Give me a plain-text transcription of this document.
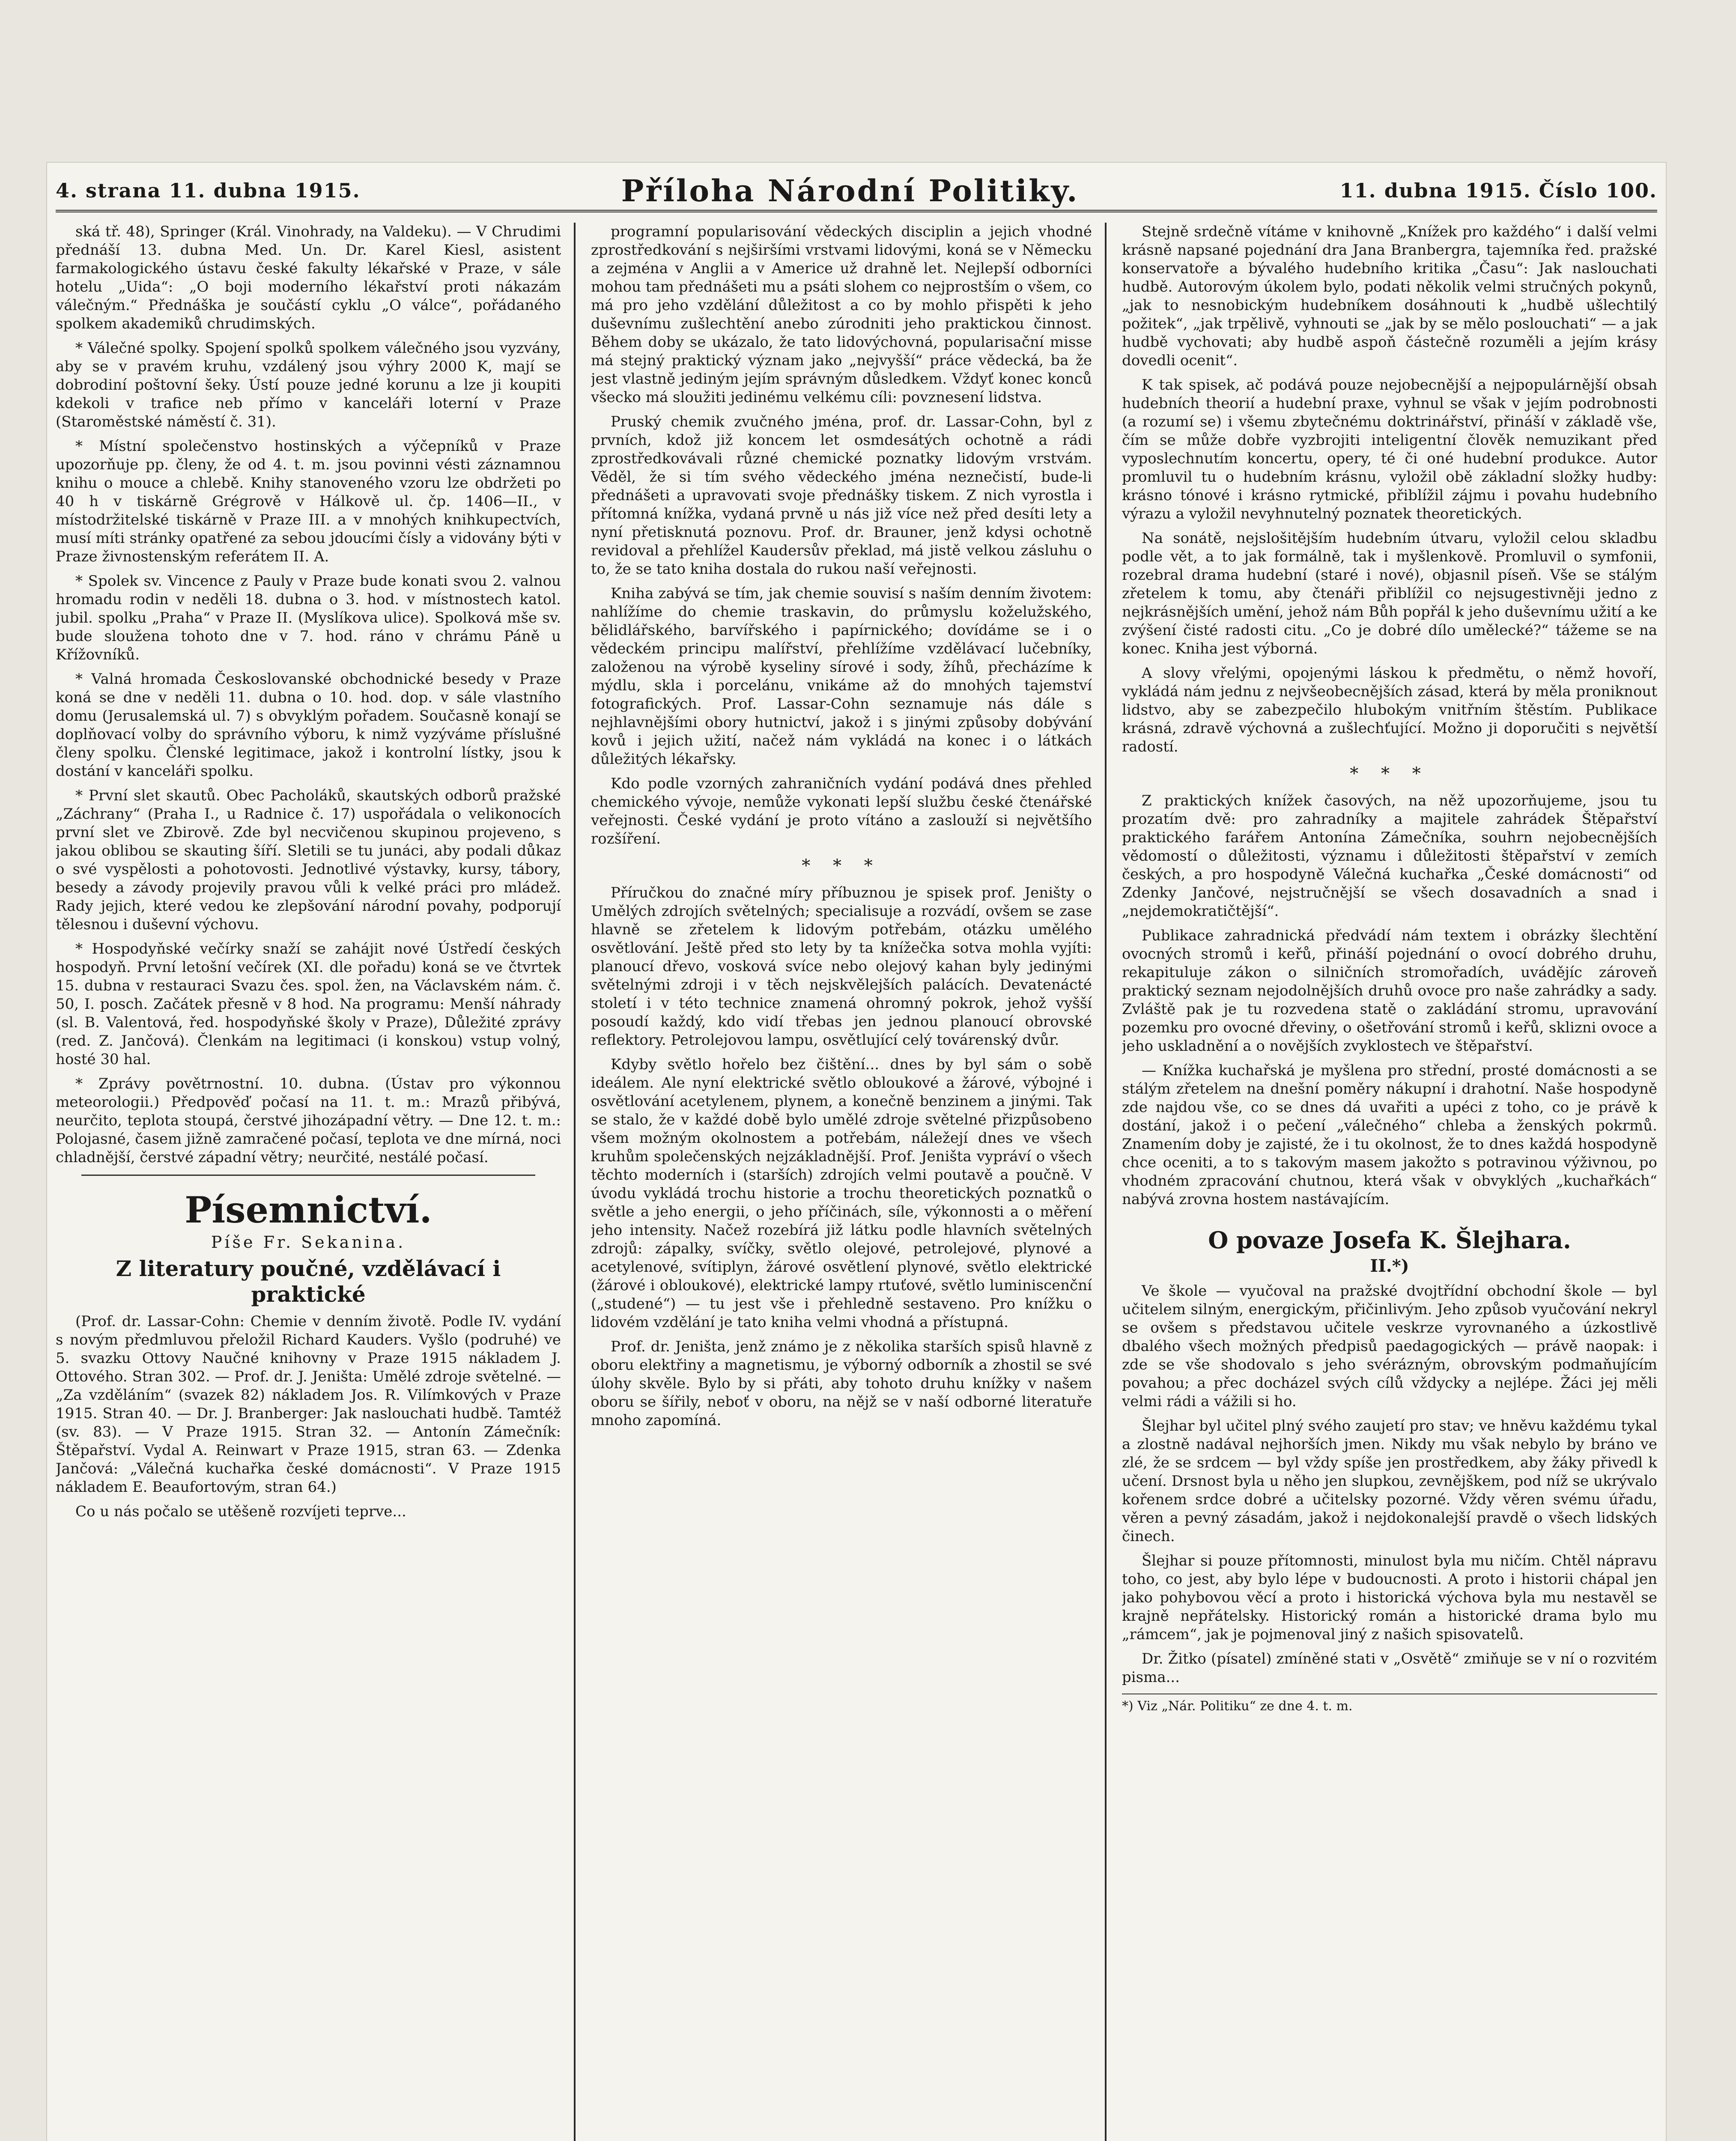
4. strana 11. dubna 1915.	Příloha Národní Politiky.	11. dubna 1915. Číslo 100.

ská tř. 48), Springer (Král. Vinohrady, na Valdeku). — V Chrudimi přednáší 13. dubna Med. Un. Dr. Karel Kiesl, asistent farmakologického ústavu české fakulty lékařské v Praze, v sále hotelu „Uida“: „O boji moderního lékařství proti nákazám válečným.“ Přednáška je součástí cyklu „O válce“, pořádaného spolkem akademiků chrudimských.

* Válečné spolky. Spojení spolků spolkem válečného jsou vyzvány, aby se v pravém kruhu, vzdálený jsou výhry 2000 K, mají se dobrodiní poštovní šeky. Ústí pouze jedné korunu a lze ji koupiti kdekoli v trafice neb přímo v kanceláři loterní v Praze (Staroměstské náměstí č. 31).

* Místní společenstvo hostinských a výčepníků v Praze upozorňuje pp. členy, že od 4. t. m. jsou povinni vésti záznamnou knihu o mouce a chlebě. Knihy stanoveného vzoru lze obdržeti po 40 h v tiskárně Grégrově v Hálkově ul. čp. 1406—II., v místodržitelské tiskárně v Praze III. a v mnohých knihkupectvích, musí míti stránky opatřené za sebou jdoucími čísly a vidovány býti v Praze živnostenským referátem II. A.

* Spolek sv. Vincence z Pauly v Praze bude konati svou 2. valnou hromadu rodin v neděli 18. dubna o 3. hod. v místnostech katol. jubil. spolku „Praha“ v Praze II. (Myslíkova ulice). Spolková mše sv. bude sloužena tohoto dne v 7. hod. ráno v chrámu Páně u Křížovníků.

* Valná hromada Českoslovanské obchodnické besedy v Praze koná se dne v neděli 11. dubna o 10. hod. dop. v sále vlastního domu (Jerusalemská ul. 7) s obvyklým pořadem. Současně konají se doplňovací volby do správního výboru, k nimž vyzýváme příslušné členy spolku. Členské legitimace, jakož i kontrolní lístky, jsou k dostání v kanceláři spolku.

* První slet skautů. Obec Pacholáků, skautských odborů pražské „Záchrany“ (Praha I., u Radnice č. 17) uspořádala o velikonocích první slet ve Zbirově. Zde byl necvičenou skupinou projeveno, s jakou oblibou se skauting šíří. Sletili se tu junáci, aby podali důkaz o své vyspělosti a pohotovosti. Jednotlivé výstavky, kursy, tábory, besedy a závody projevily pravou vůli k velké práci pro mládež. Rady jejich, které vedou ke zlepšování národní povahy, podporují tělesnou i duševní výchovu.

* Hospodyňské večírky snaží se zahájit nové Ústředí českých hospodyň. První letošní večírek (XI. dle pořadu) koná se ve čtvrtek 15. dubna v restauraci Svazu čes. spol. žen, na Václavském nám. č. 50, I. posch. Začátek přesně v 8 hod. Na programu: Menší náhrady (sl. B. Valentová, řed. hospodyňské školy v Praze), Důležité zprávy (red. Z. Jančová). Členkám na legitimaci (i konskou) vstup volný, hosté 30 hal.

* Zprávy povětrnostní. 10. dubna. (Ústav pro výkonnou meteorologii.) Předpověď počasí na 11. t. m.: Mrazů přibývá, neurčito, teplota stoupá, čerstvé jihozápadní větry. — Dne 12. t. m.: Polojasné, časem jižně zamračené počasí, teplota ve dne mírná, noci chladnější, čerstvé západní větry; neurčité, nestálé počasí.

Písemnictví.

Píše Fr. Sekanina.

Z literatury poučné, vzdělávací i praktické

(Prof. dr. Lassar-Cohn: Chemie v denním životě. Podle IV. vydání s novým předmluvou přeložil Richard Kauders. Vyšlo (podruhé) ve 5. svazku Ottovy Naučné knihovny v Praze 1915 nákladem J. Ottového. Stran 302. — Prof. dr. J. Jeništa: Umělé zdroje světelné. — „Za vzděláním“ (svazek 82) nákladem Jos. R. Vilímkových v Praze 1915. Stran 40. — Dr. J. Branberger: Jak naslouchati hudbě. Tamtéž (sv. 83). — V Praze 1915. Stran 32. — Antonín Zámečník: Štěpařství. Vydal A. Reinwart v Praze 1915, stran 63. — Zdenka Jančová: „Válečná kuchařka české domácnosti“. V Praze 1915 nákladem E. Beaufortovým, stran 64.)

Co u nás počalo se utěšeně rozvíjeti teprve...

programní popularisování vědeckých disciplin a jejich vhodné zprostředkování s nejširšími vrstvami lidovými, koná se v Německu a zejména v Anglii a v Americe už drahně let. Nejlepší odborníci mohou tam přednášeti mu a psáti slohem co nejprostším o všem, co má pro jeho vzdělání důležitost a co by mohlo přispěti k jeho duševnímu zušlechtění anebo zúrodniti jeho praktickou činnost. Během doby se ukázalo, že tato lidovýchovná, popularisační misse má stejný praktický význam jako „nejvyšší“ práce vědecká, ba že jest vlastně jediným jejím správným důsledkem. Vždyť konec konců všecko má sloužiti jedinému velkému cíli: povznesení lidstva.

Pruský chemik zvučného jména, prof. dr. Lassar-Cohn, byl z prvních, kdož již koncem let osmdesátých ochotně a rádi zprostředkovávali různé chemické poznatky lidovým vrstvám. Věděl, že si tím svého vědeckého jména neznečistí, bude-li přednášeti a upravovati svoje přednášky tiskem. Z nich vyrostla i přítomná knížka, vydaná prvně u nás již více než před desíti lety a nyní přetisknutá poznovu. Prof. dr. Brauner, jenž kdysi ochotně revidoval a přehlížel Kaudersův překlad, má jistě velkou zásluhu o to, že se tato kniha dostala do rukou naší veřejnosti.

Kniha zabývá se tím, jak chemie souvisí s naším denním životem: nahlížíme do chemie traskavin, do průmyslu koželužského, bělidlářského, barvířského i papírnického; dovídáme se i o vědeckém principu malířství, přehlížíme vzdělávací lučebníky, založenou na výrobě kyseliny sírové i sody, žíhů, přecházíme k mýdlu, skla i porcelánu, vnikáme až do mnohých tajemství fotografických. Prof. Lassar-Cohn seznamuje nás dále s nejhlavnějšími obory hutnictví, jakož i s jinými způsoby dobývání kovů i jejich užití, načež nám vykládá na konec i o látkách důležitých lékařsky.

Kdo podle vzorných zahraničních vydání podává dnes přehled chemického vývoje, nemůže vykonati lepší službu české čtenářské veřejnosti. České vydání je proto vítáno a zaslouží si největšího rozšíření.

* * *

Příručkou do značné míry příbuznou je spisek prof. Jeništy o Umělých zdrojích světelných; specialisuje a rozvádí, ovšem se zase hlavně se zřetelem k lidovým potřebám, otázku umělého osvětlování. Ještě před sto lety by ta knížečka sotva mohla vyjíti: planoucí dřevo, vosková svíce nebo olejový kahan byly jedinými světelnými zdroji i v těch nejskvělejších palácích. Devatenácté století i v této technice znamená ohromný pokrok, jehož vyšší posoudí každý, kdo vidí třebas jen jednou planoucí obrovské reflektory. Petrolejovou lampu, osvětlující celý továrenský dvůr.

Kdyby světlo hořelo bez čištění... dnes by byl sám o sobě ideálem. Ale nyní elektrické světlo obloukové a žárové, výbojné i osvětlování acetylenem, plynem, a konečně benzinem a jinými. Tak se stalo, že v každé době bylo umělé zdroje světelné přizpůsobeno všem možným okolnostem a potřebám, náležejí dnes ve všech kruhům společenských nejzákladnější. Prof. Jeništa vypráví o všech těchto moderních i (starších) zdrojích velmi poutavě a poučně. V úvodu vykládá trochu historie a trochu theoretických poznatků o světle a jeho energii, o jeho příčinách, síle, výkonnosti a o měření jeho intensity. Načež rozebírá již látku podle hlavních světelných zdrojů: zápalky, svíčky, světlo olejové, petrolejové, plynové a acetylenové, svítiplyn, žárové osvětlení plynové, světlo elektrické (žárové i obloukové), elektrické lampy rtuťové, světlo luminiscenční („studené“) — tu jest vše i přehledně sestaveno. Pro knížku o lidovém vzdělání je tato kniha velmi vhodná a přístupná.

Prof. dr. Jeništa, jenž známo je z několika starších spisů hlavně z oboru elektřiny a magnetismu, je výborný odborník a zhostil se své úlohy skvěle. Bylo by si přáti, aby tohoto druhu knížky v našem oboru se šířily, neboť v oboru, na nějž se v naší odborné literatuře mnoho zapomíná.

Stejně srdečně vítáme v knihovně „Knížek pro každého“ i další velmi krásně napsané pojednání dra Jana Branbergra, tajemníka řed. pražské konservatoře a bývalého hudebního kritika „Času“: Jak naslouchati hudbě. Autorovým úkolem bylo, podati několik velmi stručných pokynů, „jak to nesnobickým hudebníkem dosáhnouti k „hudbě ušlechtilý požitek“, „jak trpělivě, vyhnouti se „jak by se mělo poslouchati“ — a jak hudbě vychovati; aby hudbě aspoň částečně rozuměli a jejím krásy dovedli ocenit“.

K tak spisek, ač podává pouze nejobecnější a nejpopulárnější obsah hudebních theorií a hudební praxe, vyhnul se však v jejím podrobnosti (a rozumí se) i všemu zbytečnému doktrinářství, přináší v základě vše, čím se může dobře vyzbrojiti inteligentní člověk nemuzikant před vyposlechnutím koncertu, opery, té či oné hudební produkce. Autor promluvil tu o hudebním krásnu, vyložil obě základní složky hudby: krásno tónové i krásno rytmické, přiblížil zájmu i povahu hudebního výrazu a vyložil nevyhnutelný poznatek theoretických.

Na sonátě, nejslošitějším hudebním útvaru, vyložil celou skladbu podle vět, a to jak formálně, tak i myšlenkově. Promluvil o symfonii, rozebral drama hudební (staré i nové), objasnil píseň. Vše se stálým zřetelem k tomu, aby čtenáři přiblížil co nejsugestivněji jedno z nejkrásnějších umění, jehož nám Bůh popřál k jeho duševnímu užití a ke zvýšení čisté radosti citu. „Co je dobré dílo umělecké?“ tážeme se na konec. Kniha jest výborná.

A slovy vřelými, opojenými láskou k předmětu, o němž hovoří, vykládá nám jednu z nejvšeobecnějších zásad, která by měla proniknout lidstvo, aby se zabezpečilo hlubokým vnitřním štěstím. Publikace krásná, zdravě výchovná a zušlechťující. Možno ji doporučiti s největší radostí.

* * *

Z praktických knížek časových, na něž upozorňujeme, jsou tu prozatím dvě: pro zahradníky a majitele zahrádek Štěpařství praktického farářem Antonína Zámečníka, souhrn nejobecnějších vědomostí o důležitosti, významu i důležitosti štěpařství v zemích českých, a pro hospodyně Válečná kuchařka „České domácnosti“ od Zdenky Jančové, nejstručnější se všech dosavadních a snad i „nejdemokratičtější“.

Publikace zahradnická předvádí nám textem i obrázky šlechtění ovocných stromů i keřů, přináší pojednání o ovocí dobrého druhu, rekapituluje zákon o silničních stromořadích, uvádějíc zároveň praktický seznam nejodolnějších druhů ovoce pro naše zahrádky a sady. Zvláště pak je tu rozvedena statě o zakládání stromu, upravování pozemku pro ovocné dřeviny, o ošetřování stromů i keřů, sklizni ovoce a jeho uskladnění a o novějších zvyklostech ve štěpařství.

— Knížka kuchařská je myšlena pro střední, prosté domácnosti a se stálým zřetelem na dnešní poměry nákupní i drahotní. Naše hospodyně zde najdou vše, co se dnes dá uvařiti a upéci z toho, co je právě k dostání, jakož i o pečení „válečného“ chleba a ženských pokrmů. Znamením doby je zajisté, že i tu okolnost, že to dnes každá hospodyně chce oceniti, a to s takovým masem jakožto s potravinou výživnou, po vhodném zpracování chutnou, která však v obvyklých „kuchařkách“ nabývá zrovna hostem nastávajícím.

O povaze Josefa K. Šlejhara.

II.*)

Ve škole — vyučoval na pražské dvojtřídní obchodní škole — byl učitelem silným, energickým, přičinlivým. Jeho způsob vyučování nekryl se ovšem s představou učitele veskrze vyrovnaného a úzkostlivě dbalého všech možných předpisů paedagogických — právě naopak: i zde se vše shodovalo s jeho svérázným, obrovským podmaňujícím povahou; a přec docházel svých cílů vždycky a nejlépe. Žáci jej měli velmi rádi a vážili si ho.

Šlejhar byl učitel plný svého zaujetí pro stav; ve hněvu každému tykal a zlostně nadával nejhorších jmen. Nikdy mu však nebylo by bráno ve zlé, že se srdcem — byl vždy spíše jen prostředkem, aby žáky přivedl k učení. Drsnost byla u něho jen slupkou, zevnějškem, pod níž se ukrývalo kořenem srdce dobré a učitelsky pozorné. Vždy věren svému úřadu, věren a pevný zásadám, jakož i nejdokonalejší pravdě o všech lidských činech.

Šlejhar si pouze přítomnosti, minulost byla mu ničím. Chtěl nápravu toho, co jest, aby bylo lépe v budoucnosti. A proto i historii chápal jen jako pohybovou věcí a proto i historická výchova byla mu nestavěl se krajně nepřátelsky. Historický román a historické drama bylo mu „rámcem“, jak je pojmenoval jiný z našich spisovatelů.

Dr. Žitko (písatel) zmíněné stati v „Osvětě“ zmiňuje se v ní o rozvitém pisma...

*) Viz „Nár. Politiku“ ze dne 4. t. m.
